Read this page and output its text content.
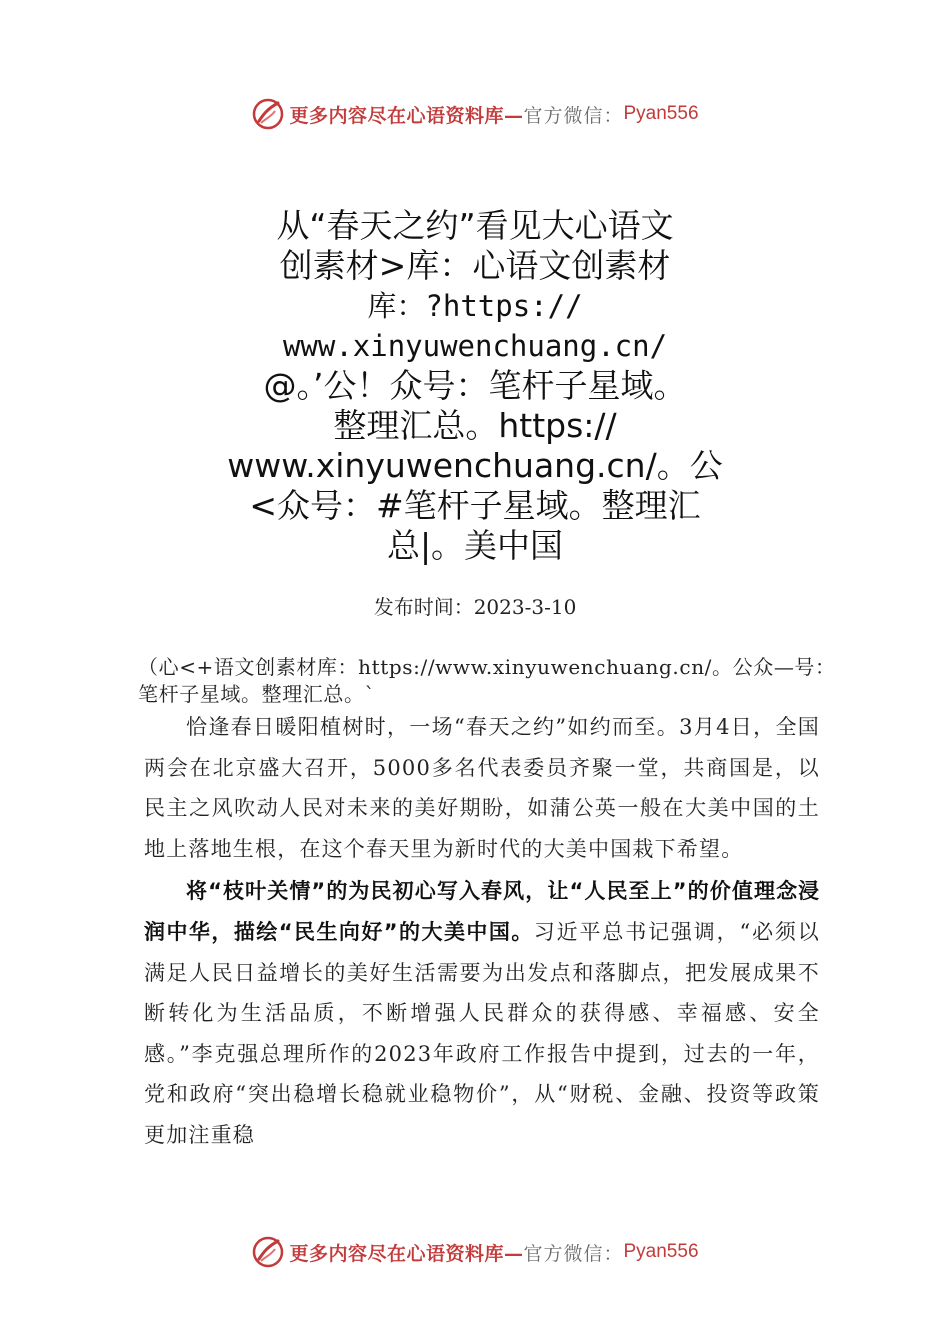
更多内容尽在心语资料库— 官方微信： Pyan556
从“春天之约”看见大心语文
创素材>库：心语文创素材
库：?https://
www.xinyuwenchuang.cn/
@。’公！众号：笔杆子星域。
整理汇总。https://
www.xinyuwenchuang.cn/。公
<众号：#笔杆子星域。整理汇
总|。美中国
发布时间：2023-3-10
（心<+语文创素材库：https://www.xinyuwenchuang.cn/。公众—号：笔杆子星域。整理汇总。`

恰逢春日暖阳植树时，一场“春天之约”如约而至。3月4日，全国两会在北京盛大召开，5000多名代表委员齐聚一堂，共商国是，以民主之风吹动人民对未来的美好期盼，如蒲公英一般在大美中国的土地上落地生根，在这个春天里为新时代的大美中国栽下希望。

将“枝叶关情”的为民初心写入春风，让“人民至上”的价值理念浸润中华，描绘“民生向好”的大美中国。习近平总书记强调，“必须以满足人民日益增长的美好生活需要为出发点和落脚点，把发展成果不断转化为生活品质，不断增强人民群众的获得感、幸福感、安全感。”李克强总理所作的2023年政府工作报告中提到，过去的一年，党和政府“突出稳增长稳就业稳物价”，从“财税、金融、投资等政策更加注重稳

更多内容尽在心语资料库— 官方微信： Pyan556
